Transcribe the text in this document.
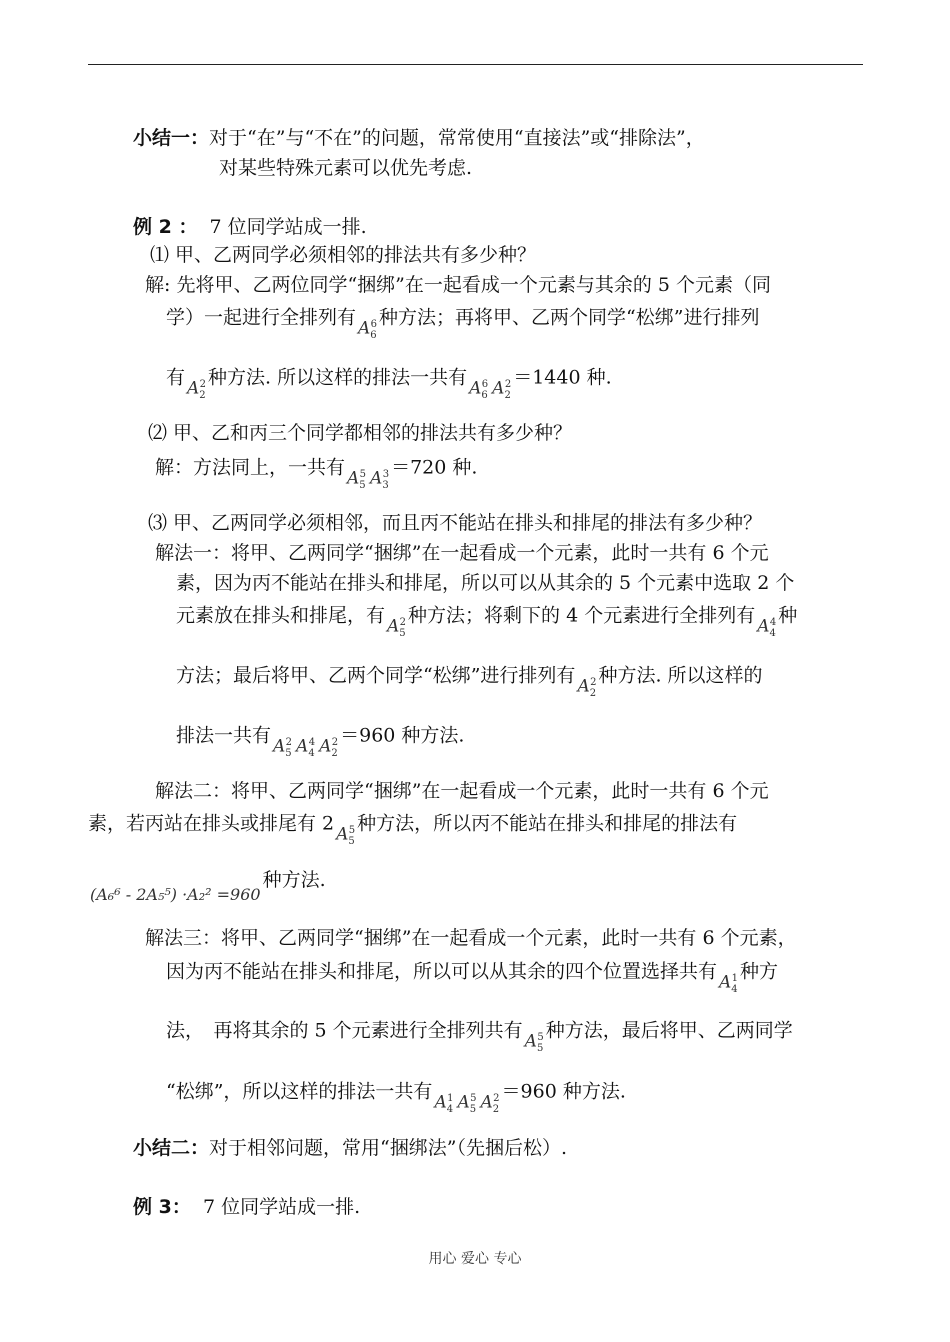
小结一：对于“在”与“不在”的问题，常常使用“直接法”或“排除法”，
对某些特殊元素可以优先考虑.
例 2 ： 7 位同学站成一排.
⑴ 甲、乙两同学必须相邻的排法共有多少种？
解: 先将甲、乙两位同学“捆绑”在一起看成一个元素与其余的 5 个元素（同
学）一起进行全排列有 $A_6^6$ 种方法；再将甲、乙两个同学“松绑”进行排列
有 $A_2^2$ 种方法. 所以这样的排法一共有 $A_6^6$ $A_2^2 =1440$ 种.
⑵ 甲、乙和丙三个同学都相邻的排法共有多少种？
解：方法同上，一共有 $A_5^5$ $A_3^3 =720$ 种.
⑶ 甲、乙两同学必须相邻，而且丙不能站在排头和排尾的排法有多少种？
解法一：将甲、乙两同学“捆绑”在一起看成一个元素，此时一共有 6 个元
素，因为丙不能站在排头和排尾，所以可以从其余的 5 个元素中选取 2 个
元素放在排头和排尾，有 $A_5^2$ 种方法；将剩下的 4 个元素进行全排列有 $A_4^4$ 种
方法；最后将甲、乙两个同学“松绑”进行排列有 $A_2^2$ 种方法. 所以这样的
排法一共有 $A_5^2$ $A_4^4$ $A_2^2 =960$ 种方法.
解法二：将甲、乙两同学“捆绑”在一起看成一个元素，此时一共有 6 个元
素，若丙站在排头或排尾有 2 $A_5^5$ 种方法，所以丙不能站在排头和排尾的排法有
(A₆⁶ - 2A₅⁵) ·A₂² =960种方法.
解法三：将甲、乙两同学“捆绑”在一起看成一个元素，此时一共有 6 个元素，
因为丙不能站在排头和排尾，所以可以从其余的四个位置选择共有 $A_4^1$ 种方
法，　再将其余的 5 个元素进行全排列共有 $A_5^5$ 种方法，最后将甲、乙两同学
“松绑”，所以这样的排法一共有 $A_4^1$ $A_5^5$ $A_2^2 =960$ 种方法.
小结二：对于相邻问题，常用“捆绑法”（先捆后松）.
例 3： 7 位同学站成一排.
用心 爱心 专心
